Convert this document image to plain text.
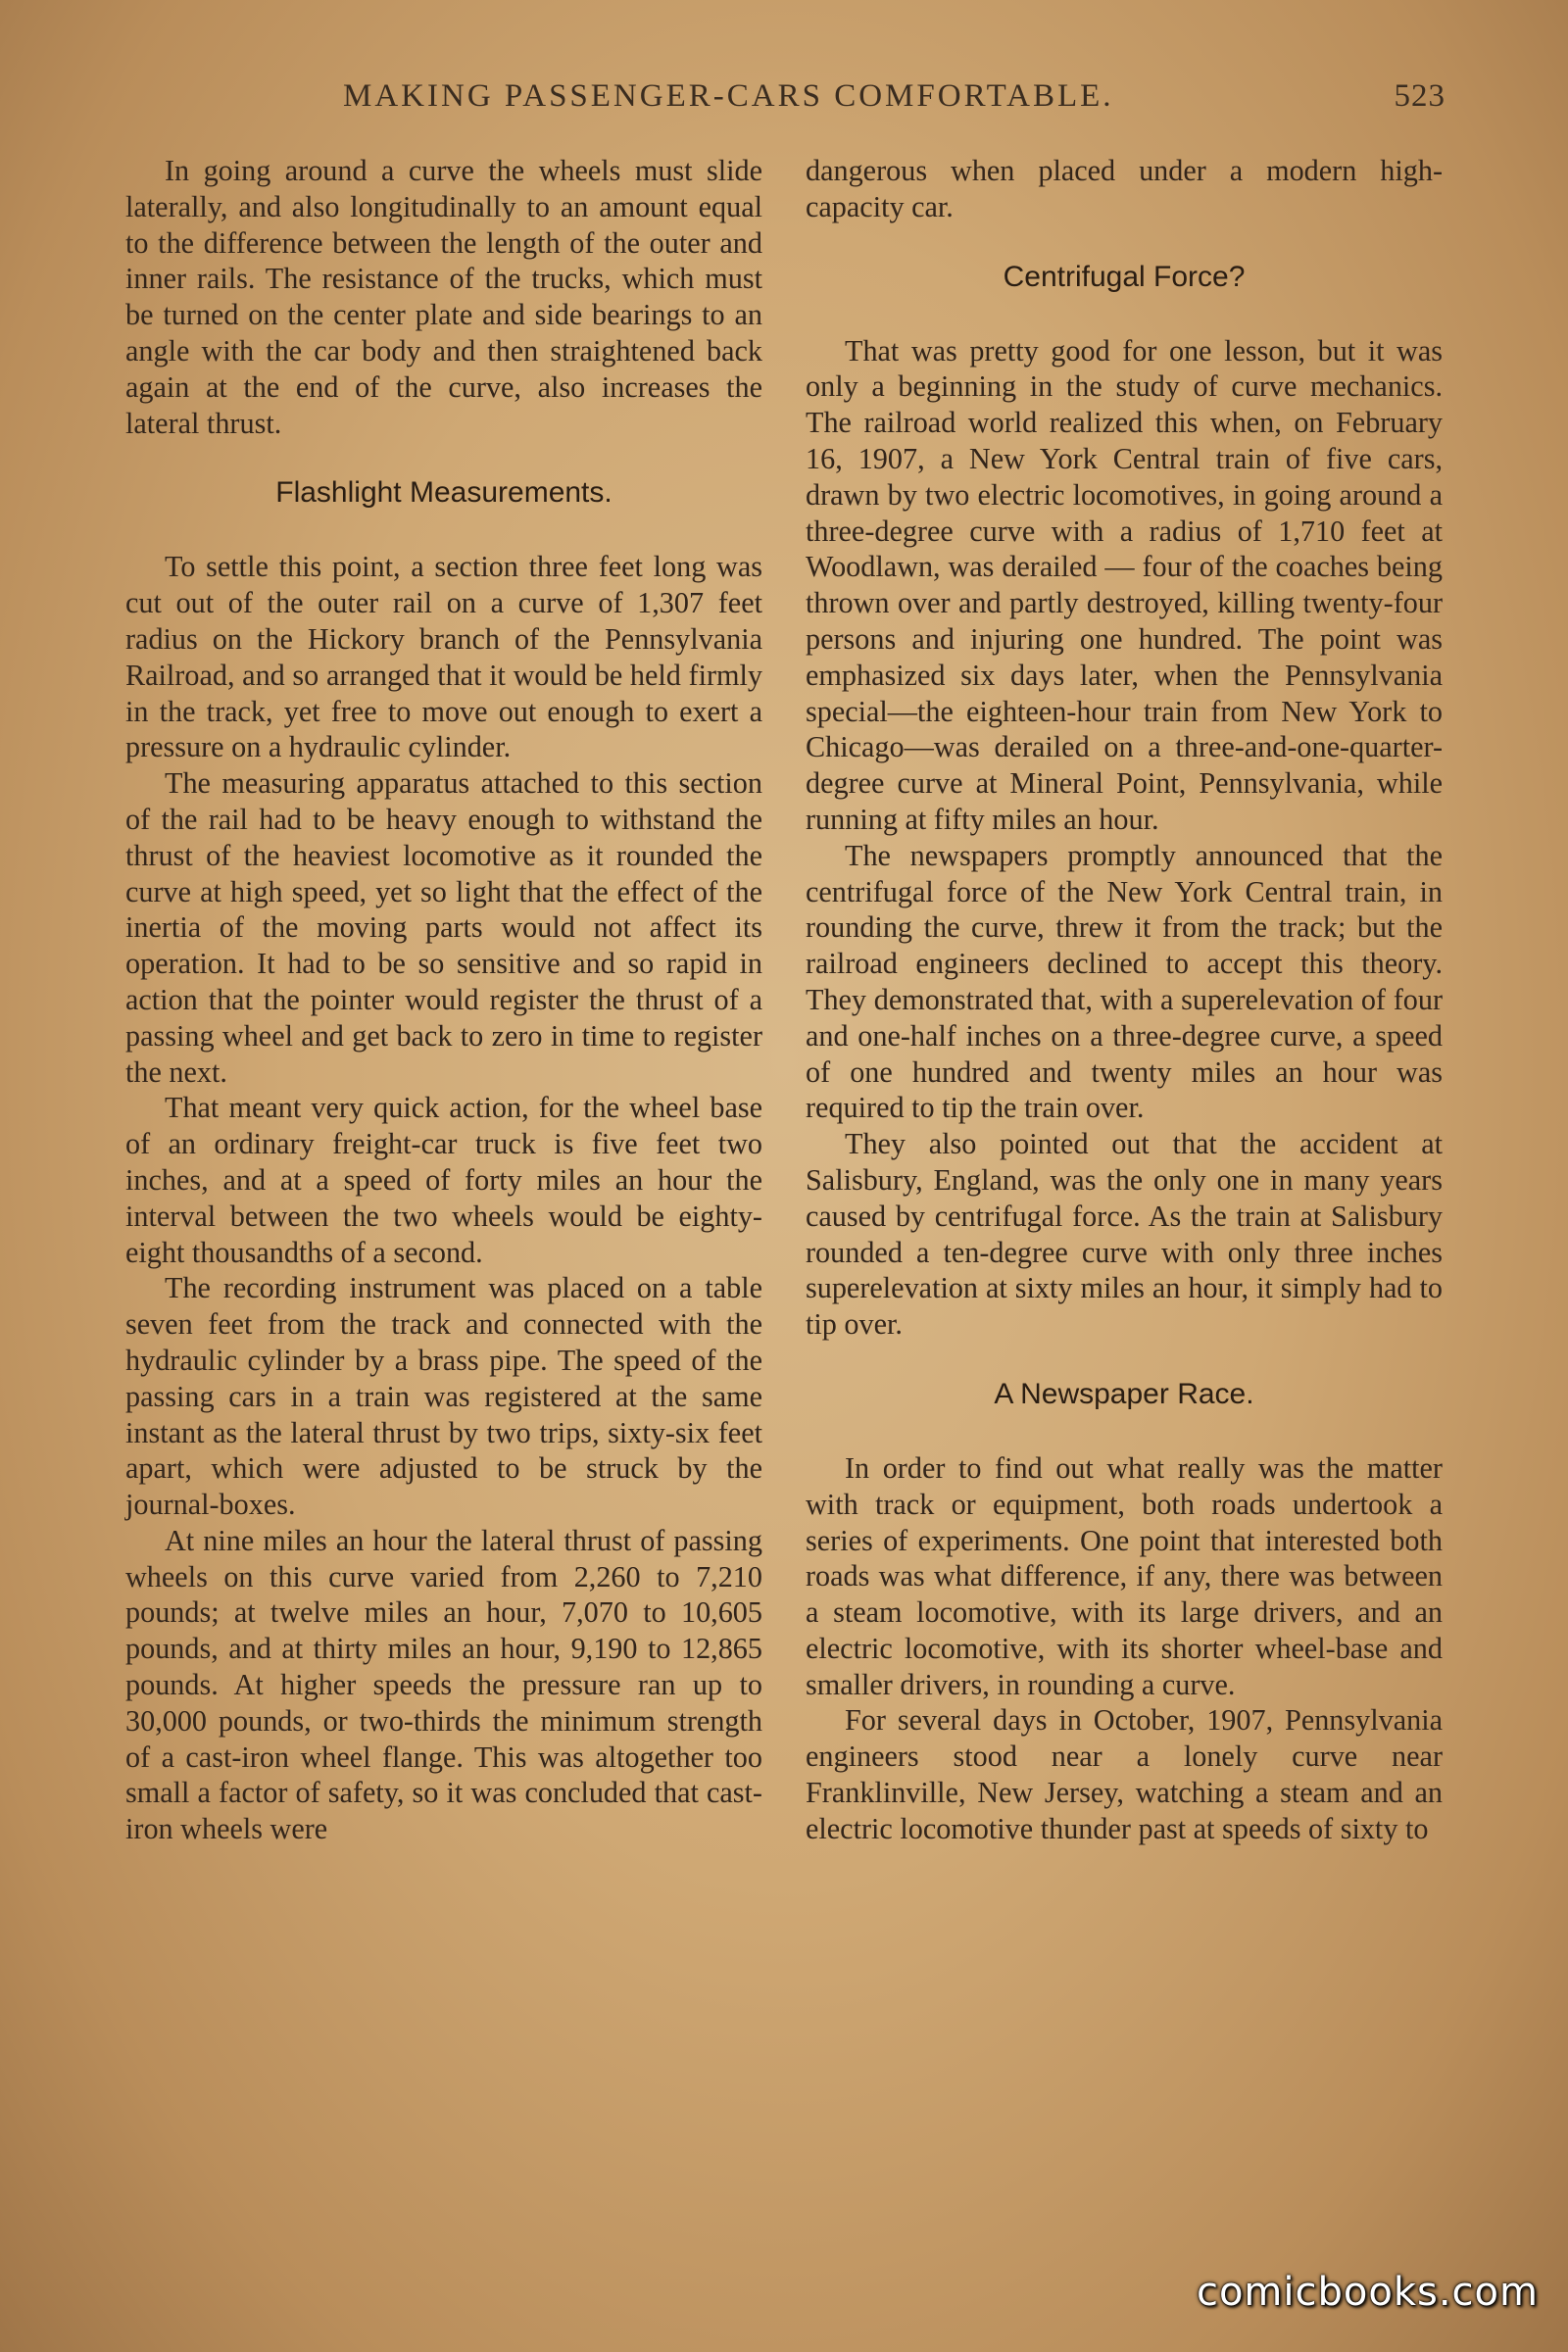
MAKING PASSENGER-CARS COMFORTABLE.	523

In going around a curve the wheels must slide laterally, and also longitudinally to an amount equal to the difference between the length of the outer and inner rails. The resistance of the trucks, which must be turned on the center plate and side bearings to an angle with the car body and then straightened back again at the end of the curve, also increases the lateral thrust.

Flashlight Measurements.

To settle this point, a section three feet long was cut out of the outer rail on a curve of 1,307 feet radius on the Hickory branch of the Pennsylvania Railroad, and so arranged that it would be held firmly in the track, yet free to move out enough to exert a pressure on a hydraulic cylinder.

The measuring apparatus attached to this section of the rail had to be heavy enough to withstand the thrust of the heaviest locomotive as it rounded the curve at high speed, yet so light that the effect of the inertia of the moving parts would not affect its operation. It had to be so sensitive and so rapid in action that the pointer would register the thrust of a passing wheel and get back to zero in time to register the next.

That meant very quick action, for the wheel base of an ordinary freight-car truck is five feet two inches, and at a speed of forty miles an hour the interval between the two wheels would be eighty-eight thousandths of a second.

The recording instrument was placed on a table seven feet from the track and connected with the hydraulic cylinder by a brass pipe. The speed of the passing cars in a train was registered at the same instant as the lateral thrust by two trips, sixty-six feet apart, which were adjusted to be struck by the journal-boxes.

At nine miles an hour the lateral thrust of passing wheels on this curve varied from 2,260 to 7,210 pounds; at twelve miles an hour, 7,070 to 10,605 pounds, and at thirty miles an hour, 9,190 to 12,865 pounds. At higher speeds the pressure ran up to 30,000 pounds, or two-thirds the minimum strength of a cast-iron wheel flange. This was altogether too small a factor of safety, so it was concluded that cast-iron wheels were

dangerous when placed under a modern high-capacity car.

Centrifugal Force?

That was pretty good for one lesson, but it was only a beginning in the study of curve mechanics. The railroad world realized this when, on February 16, 1907, a New York Central train of five cars, drawn by two electric locomotives, in going around a three-degree curve with a radius of 1,710 feet at Woodlawn, was derailed — four of the coaches being thrown over and partly destroyed, killing twenty-four persons and injuring one hundred. The point was emphasized six days later, when the Pennsylvania special—the eighteen-hour train from New York to Chicago—was derailed on a three-and-one-quarter-degree curve at Mineral Point, Pennsylvania, while running at fifty miles an hour.

The newspapers promptly announced that the centrifugal force of the New York Central train, in rounding the curve, threw it from the track; but the railroad engineers declined to accept this theory. They demonstrated that, with a superelevation of four and one-half inches on a three-degree curve, a speed of one hundred and twenty miles an hour was required to tip the train over.

They also pointed out that the accident at Salisbury, England, was the only one in many years caused by centrifugal force. As the train at Salisbury rounded a ten-degree curve with only three inches superelevation at sixty miles an hour, it simply had to tip over.

A Newspaper Race.

In order to find out what really was the matter with track or equipment, both roads undertook a series of experiments. One point that interested both roads was what difference, if any, there was between a steam locomotive, with its large drivers, and an electric locomotive, with its shorter wheel-base and smaller drivers, in rounding a curve.

For several days in October, 1907, Pennsylvania engineers stood near a lonely curve near Franklinville, New Jersey, watching a steam and an electric locomotive thunder past at speeds of sixty to

comicbooks.com
